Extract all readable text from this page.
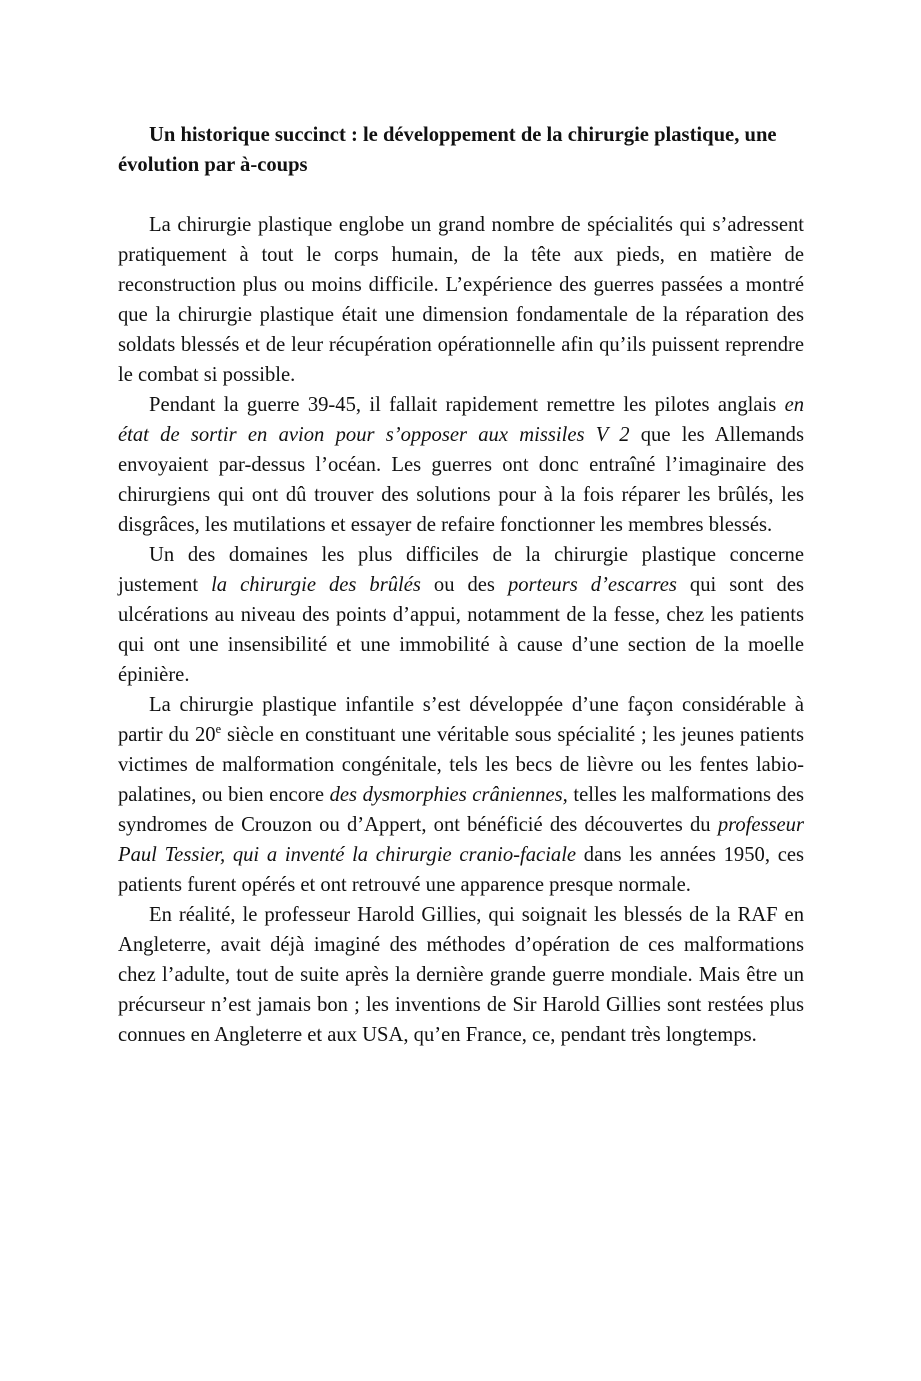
Un historique succinct : le développement de la chirurgie plastique, une évolution par à-coups

La chirurgie plastique englobe un grand nombre de spécialités qui s’adressent pratiquement à tout le corps humain, de la tête aux pieds, en matière de reconstruction plus ou moins difficile. L’expérience des guerres passées a montré que la chirurgie plastique était une dimension fondamentale de la réparation des soldats blessés et de leur récupération opérationnelle afin qu’ils puissent reprendre le combat si possible.

Pendant la guerre 39-45, il fallait rapidement remettre les pilotes anglais en état de sortir en avion pour s’opposer aux missiles V 2 que les Allemands envoyaient par-dessus l’océan. Les guerres ont donc entraîné l’imaginaire des chirurgiens qui ont dû trouver des solutions pour à la fois réparer les brûlés, les disgrâces, les mutilations et essayer de refaire fonctionner les membres blessés.

Un des domaines les plus difficiles de la chirurgie plastique concerne justement la chirurgie des brûlés ou des porteurs d’escarres qui sont des ulcérations au niveau des points d’appui, notamment de la fesse, chez les patients qui ont une insensibilité et une immobilité à cause d’une section de la moelle épinière.

La chirurgie plastique infantile s’est développée d’une façon considérable à partir du 20e siècle en constituant une véritable sous spécialité ; les jeunes patients victimes de malformation congénitale, tels les becs de lièvre ou les fentes labio-palatines, ou bien encore des dysmorphies crâniennes, telles les malformations des syndromes de Crouzon ou d’Appert, ont bénéficié des découvertes du professeur Paul Tessier, qui a inventé la chirurgie cranio-faciale dans les années 1950, ces patients furent opérés et ont retrouvé une apparence presque normale.

En réalité, le professeur Harold Gillies, qui soignait les blessés de la RAF en Angleterre, avait déjà imaginé des méthodes d’opération de ces malformations chez l’adulte, tout de suite après la dernière grande guerre mondiale. Mais être un précurseur n’est jamais bon ; les inventions de Sir Harold Gillies sont restées plus connues en Angleterre et aux USA, qu’en France, ce, pendant très longtemps.
